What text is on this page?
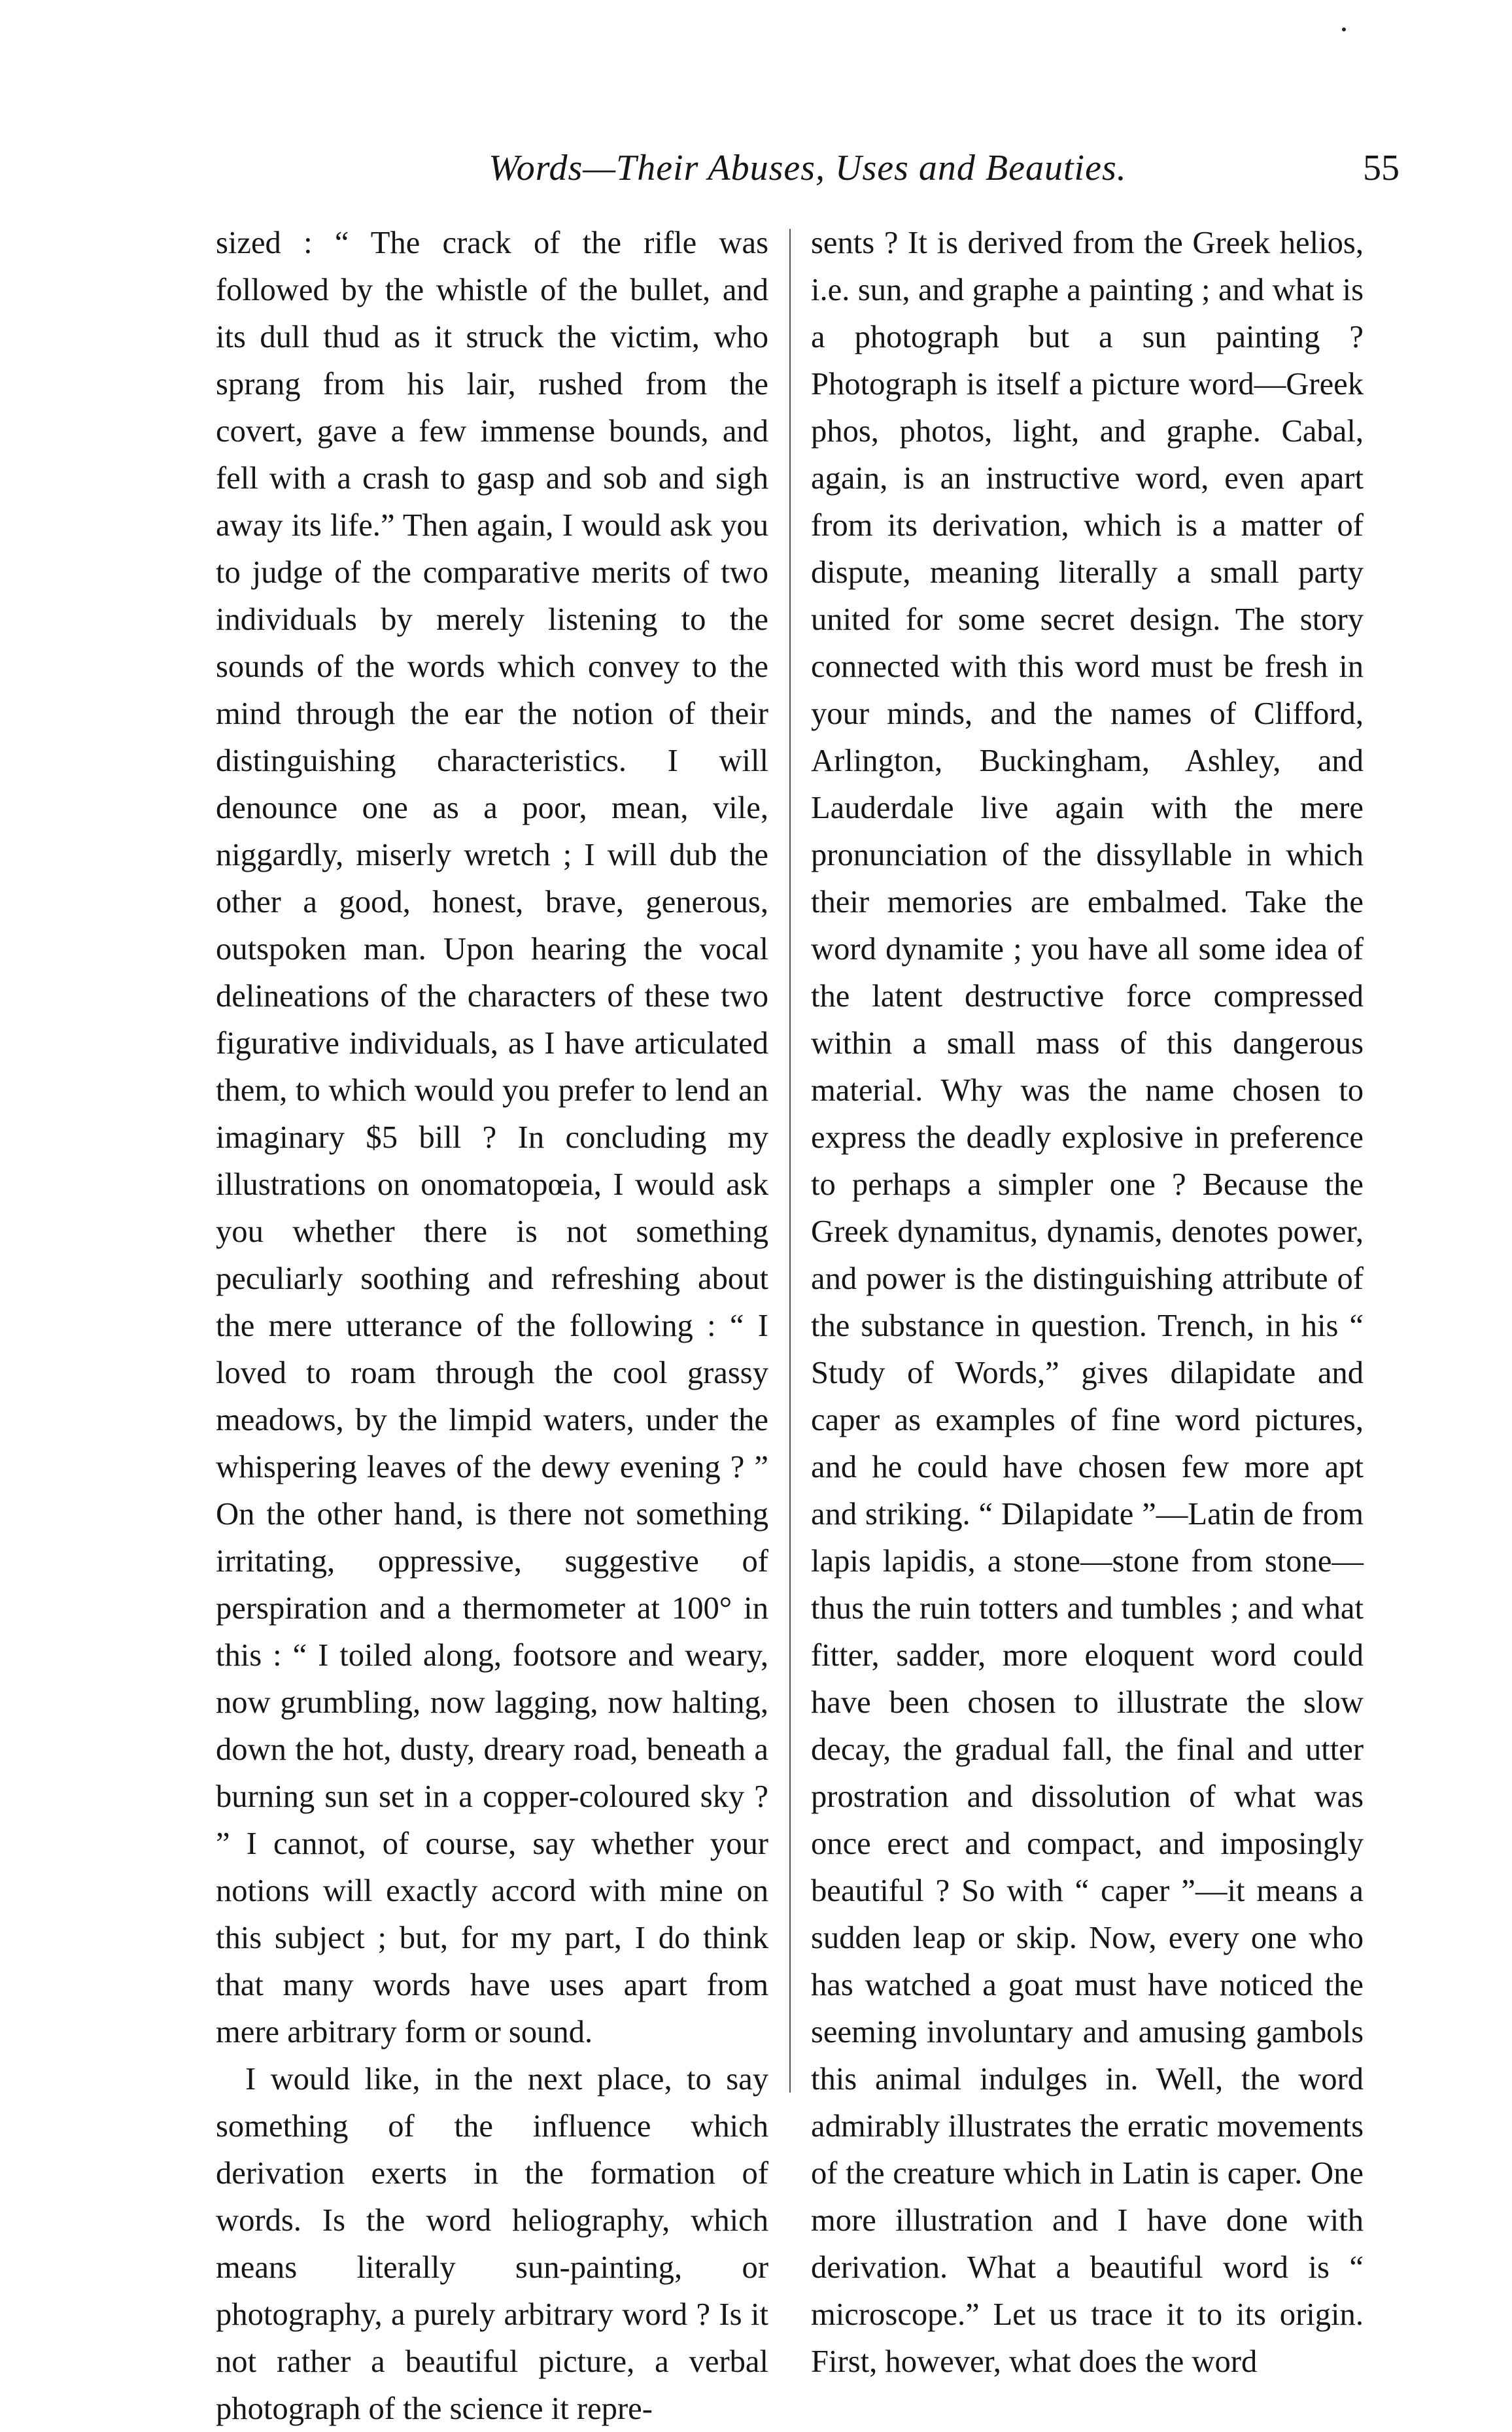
Words—Their Abuses, Uses and Beauties.	55

sized : “ The crack of the rifle was followed by the whistle of the bullet, and its dull thud as it struck the victim, who sprang from his lair, rushed from the covert, gave a few immense bounds, and fell with a crash to gasp and sob and sigh away its life.” Then again, I would ask you to judge of the comparative merits of two individuals by merely listening to the sounds of the words which convey to the mind through the ear the notion of their distinguishing characteristics. I will denounce one as a poor, mean, vile, niggardly, miserly wretch ; I will dub the other a good, honest, brave, generous, outspoken man. Upon hearing the vocal delineations of the characters of these two figurative individuals, as I have articulated them, to which would you prefer to lend an imaginary $5 bill ? In concluding my illustrations on onomatopœia, I would ask you whether there is not something peculiarly soothing and refreshing about the mere utterance of the following : “ I loved to roam through the cool grassy meadows, by the limpid waters, under the whispering leaves of the dewy evening ? ” On the other hand, is there not something irritating, oppressive, suggestive of perspiration and a thermometer at 100° in this : “ I toiled along, footsore and weary, now grumbling, now lagging, now halting, down the hot, dusty, dreary road, beneath a burning sun set in a copper-coloured sky ? ” I cannot, of course, say whether your notions will exactly accord with mine on this subject ; but, for my part, I do think that many words have uses apart from mere arbitrary form or sound.

I would like, in the next place, to say something of the influence which derivation exerts in the formation of words. Is the word heliography, which means literally sun-painting, or photography, a purely arbitrary word ? Is it not rather a beautiful picture, a verbal photograph of the science it repre-

sents ? It is derived from the Greek helios, i.e. sun, and graphe a painting ; and what is a photograph but a sun painting ? Photograph is itself a picture word—Greek phos, photos, light, and graphe. Cabal, again, is an instructive word, even apart from its derivation, which is a matter of dispute, meaning literally a small party united for some secret design. The story connected with this word must be fresh in your minds, and the names of Clifford, Arlington, Buckingham, Ashley, and Lauderdale live again with the mere pronunciation of the dissyllable in which their memories are embalmed. Take the word dynamite ; you have all some idea of the latent destructive force compressed within a small mass of this dangerous material. Why was the name chosen to express the deadly explosive in preference to perhaps a simpler one ? Because the Greek dynamitus, dynamis, denotes power, and power is the distinguishing attribute of the substance in question. Trench, in his “ Study of Words,” gives dilapidate and caper as examples of fine word pictures, and he could have chosen few more apt and striking. “ Dilapidate ”—Latin de from lapis lapidis, a stone—stone from stone—thus the ruin totters and tumbles ; and what fitter, sadder, more eloquent word could have been chosen to illustrate the slow decay, the gradual fall, the final and utter prostration and dissolution of what was once erect and compact, and imposingly beautiful ? So with “ caper ”—it means a sudden leap or skip. Now, every one who has watched a goat must have noticed the seeming involuntary and amusing gambols this animal indulges in. Well, the word admirably illustrates the erratic movements of the creature which in Latin is caper. One more illustration and I have done with derivation. What a beautiful word is “ microscope.” Let us trace it to its origin. First, however, what does the word
